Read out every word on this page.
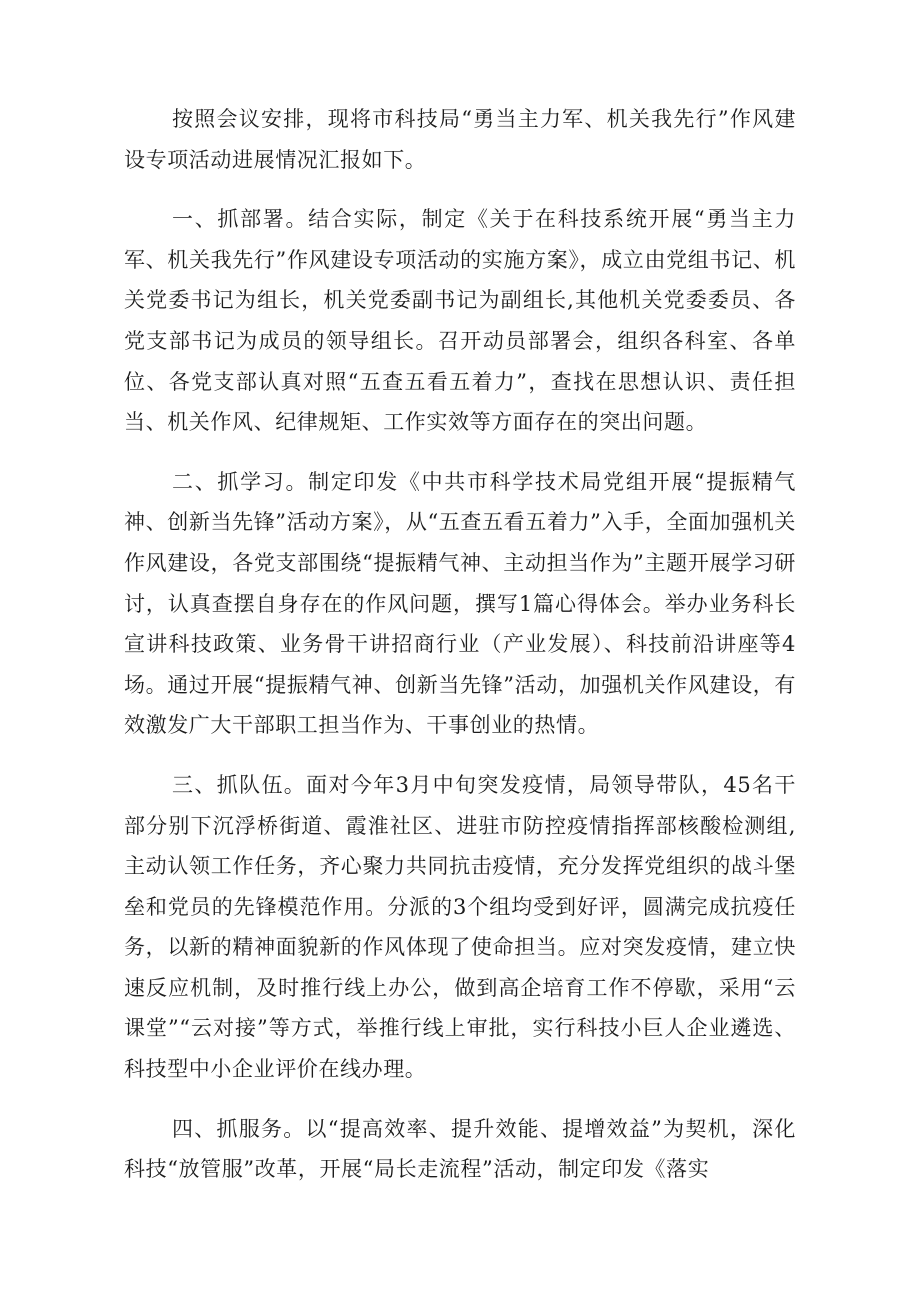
按照会议安排，现将市科技局“勇当主力军、机关我先行”作风建设专项活动进展情况汇报如下。

一、抓部署。结合实际，制定《关于在科技系统开展“勇当主力军、机关我先行”作风建设专项活动的实施方案》，成立由党组书记、机关党委书记为组长，机关党委副书记为副组长,其他机关党委委员、各党支部书记为成员的领导组长。召开动员部署会，组织各科室、各单位、各党支部认真对照“五查五看五着力”，查找在思想认识、责任担当、机关作风、纪律规矩、工作实效等方面存在的突出问题。

二、抓学习。制定印发《中共市科学技术局党组开展“提振精气神、创新当先锋”活动方案》，从“五查五看五着力”入手，全面加强机关作风建设，各党支部围绕“提振精气神、主动担当作为”主题开展学习研讨，认真查摆自身存在的作风问题，撰写1篇心得体会。举办业务科长宣讲科技政策、业务骨干讲招商行业（产业发展）、科技前沿讲座等4场。通过开展“提振精气神、创新当先锋”活动，加强机关作风建设，有效激发广大干部职工担当作为、干事创业的热情。

三、抓队伍。面对今年3月中旬突发疫情，局领导带队，45名干部分别下沉浮桥街道、霞淮社区、进驻市防控疫情指挥部核酸检测组,主动认领工作任务，齐心聚力共同抗击疫情，充分发挥党组织的战斗堡垒和党员的先锋模范作用。分派的3个组均受到好评，圆满完成抗疫任务，以新的精神面貌新的作风体现了使命担当。应对突发疫情，建立快速反应机制，及时推行线上办公，做到高企培育工作不停歇，采用“云课堂”“云对接”等方式，举推行线上审批，实行科技小巨人企业遴选、科技型中小企业评价在线办理。

四、抓服务。以“提高效率、提升效能、提增效益”为契机，深化科技“放管服”改革，开展“局长走流程”活动，制定印发《落实
